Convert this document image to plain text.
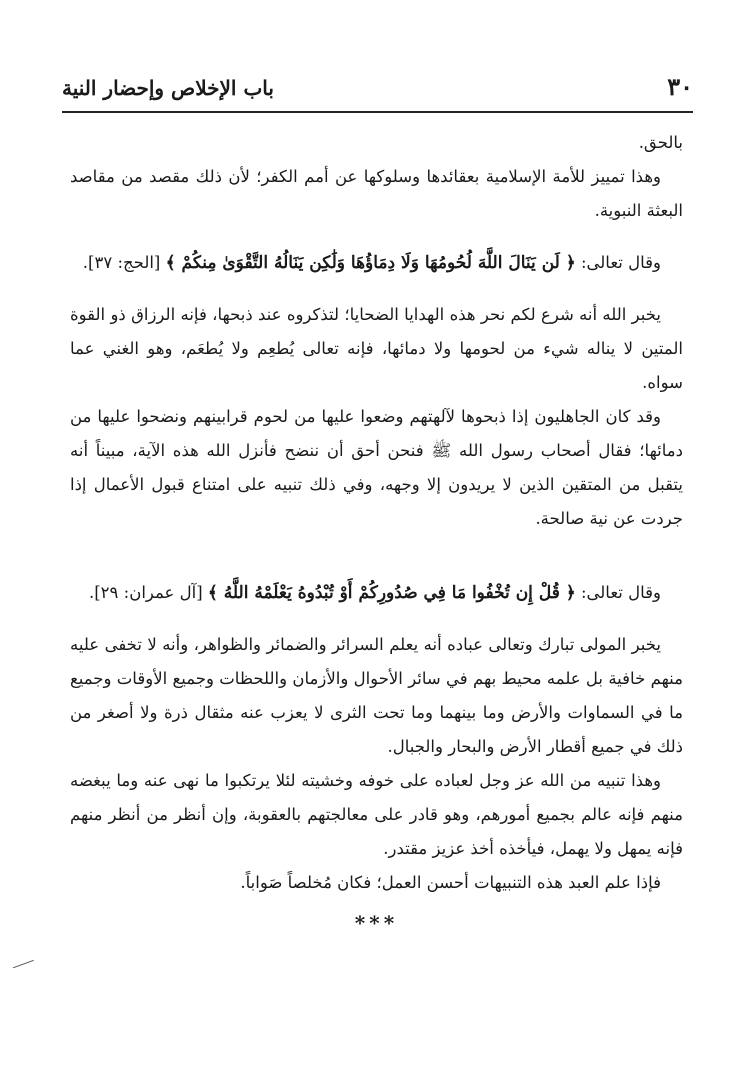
٣٠
باب الإخلاص وإحضار النية

بالحق.

وهذا تمييز للأمة الإسلامية بعقائدها وسلوكها عن أمم الكفر؛ لأن ذلك مقصد من مقاصد البعثة النبوية.

وقال تعالى: ﴿ لَن يَنَالَ اللَّهَ لُحُومُهَا وَلَا دِمَاؤُهَا وَلَٰكِن يَنَالُهُ التَّقْوَىٰ مِنكُمْ ﴾ [الحج: ٣٧].

يخبر الله أنه شرع لكم نحر هذه الهدايا الضحايا؛ لتذكروه عند ذبحها، فإنه الرزاق ذو القوة المتين لا يناله شيء من لحومها ولا دمائها، فإنه تعالى يُطعِم ولا يُطعَم، وهو الغني عما سواه.

وقد كان الجاهليون إذا ذبحوها لآلهتهم وضعوا عليها من لحوم قرابينهم ونضحوا عليها من دمائها؛ فقال أصحاب رسول الله ﷺ فنحن أحق أن ننضح فأنزل الله هذه الآية، مبيناً أنه يتقبل من المتقين الذين لا يريدون إلا وجهه، وفي ذلك تنبيه على امتناع قبول الأعمال إذا جردت عن نية صالحة.

وقال تعالى: ﴿ قُلْ إِن تُخْفُوا مَا فِي صُدُورِكُمْ أَوْ تُبْدُوهُ يَعْلَمْهُ اللَّهُ ﴾ [آل عمران: ٢٩].

يخبر المولى تبارك وتعالى عباده أنه يعلم السرائر والضمائر والظواهر، وأنه لا تخفى عليه منهم خافية بل علمه محيط بهم في سائر الأحوال والأزمان واللحظات وجميع الأوقات وجميع ما في السماوات والأرض وما بينهما وما تحت الثرى لا يعزب عنه مثقال ذرة ولا أصغر من ذلك في جميع أقطار الأرض والبحار والجبال.

وهذا تنبيه من الله عز وجل لعباده على خوفه وخشيته لئلا يرتكبوا ما نهى عنه وما يبغضه منهم فإنه عالم بجميع أمورهم، وهو قادر على معالجتهم بالعقوبة، وإن أنظر من أنظر منهم فإنه يمهل ولا يهمل، فيأخذه أخذ عزيز مقتدر.

فإذا علم العبد هذه التنبيهات أحسن العمل؛ فكان مُخلصاً صَواباً.

***
